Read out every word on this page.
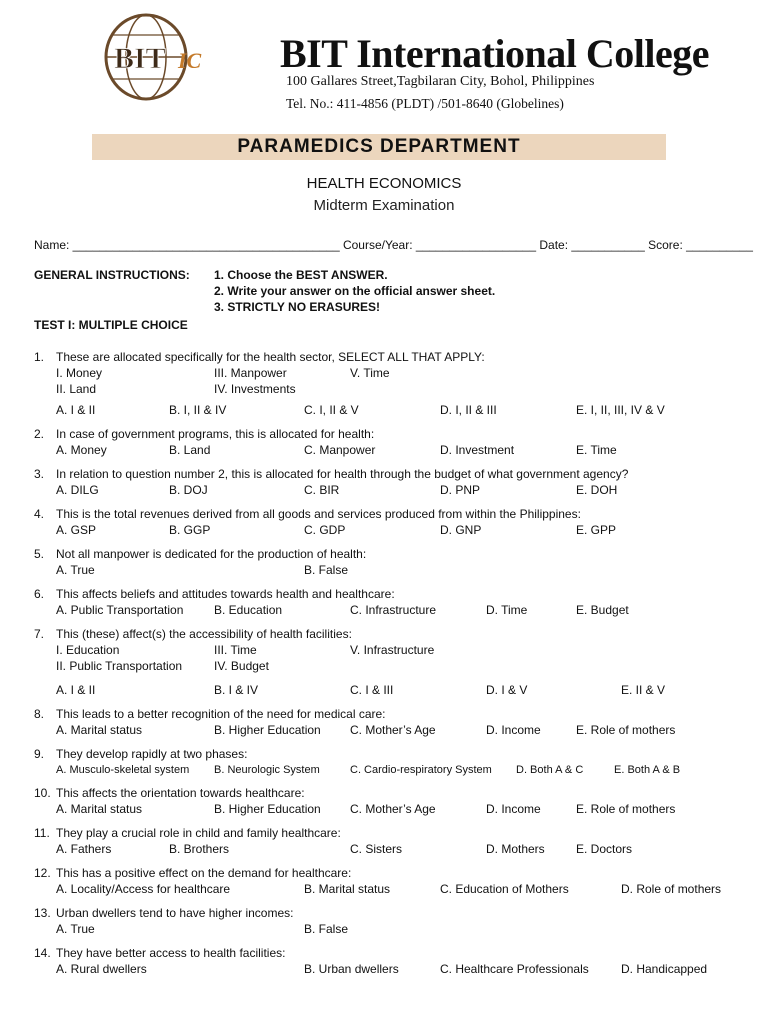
BIT IC BIT International College
100 Gallares Street,Tagbilaran City, Bohol, Philippines
Tel. No.: 411-4856 (PLDT) /501-8640 (Globelines)
PARAMEDICS DEPARTMENT
HEALTH ECONOMICS
Midterm Examination
Name: ________________________________________ Course/Year: __________________ Date: ___________ Score: __________
GENERAL INSTRUCTIONS: 1. Choose the BEST ANSWER.
2. Write your answer on the official answer sheet.
3. STRICTLY NO ERASURES!
TEST I: MULTIPLE CHOICE
1. These are allocated specifically for the health sector, SELECT ALL THAT APPLY:
I. Money	III. Manpower	V. Time
II. Land	IV. Investments
A. I & II	B. I, II & IV	C. I, II & V	D. I, II & III	E. I, II, III, IV & V
2. In case of government programs, this is allocated for health:
A. Money	B. Land	C. Manpower	D. Investment	E. Time
3. In relation to question number 2, this is allocated for health through the budget of what government agency?
A. DILG	B. DOJ	C. BIR	D. PNP	E. DOH
4. This is the total revenues derived from all goods and services produced from within the Philippines:
A. GSP	B. GGP	C. GDP	D. GNP	E. GPP
5. Not all manpower is dedicated for the production of health:
A. True	B. False
6. This affects beliefs and attitudes towards health and healthcare:
A. Public Transportation	B. Education	C. Infrastructure	D. Time	E. Budget
7. This (these) affect(s) the accessibility of health facilities:
I. Education	III. Time	V. Infrastructure
II. Public Transportation	IV. Budget
A. I & II	B. I & IV	C. I & III	D. I & V	E. II & V
8. This leads to a better recognition of the need for medical care:
A. Marital status	B. Higher Education C. Mother’s Age	D. Income	E. Role of mothers
9. They develop rapidly at two phases:
A. Musculo-skeletal system B. Neurologic System	C. Cardio-respiratory System D. Both A & C	E. Both A & B
10. This affects the orientation towards healthcare:
A. Marital status	B. Higher Education C. Mother’s Age	D. Income	E. Role of mothers
11. They play a crucial role in child and family healthcare:
A. Fathers	B. Brothers	C. Sisters	D. Mothers	E. Doctors
12. This has a positive effect on the demand for healthcare:
A. Locality/Access for healthcare	B. Marital status	C. Education of Mothers	D. Role of mothers
13. Urban dwellers tend to have higher incomes:
A. True	B. False
14. They have better access to health facilities:
A. Rural dwellers	B. Urban dwellers	C. Healthcare Professionals	D. Handicapped
